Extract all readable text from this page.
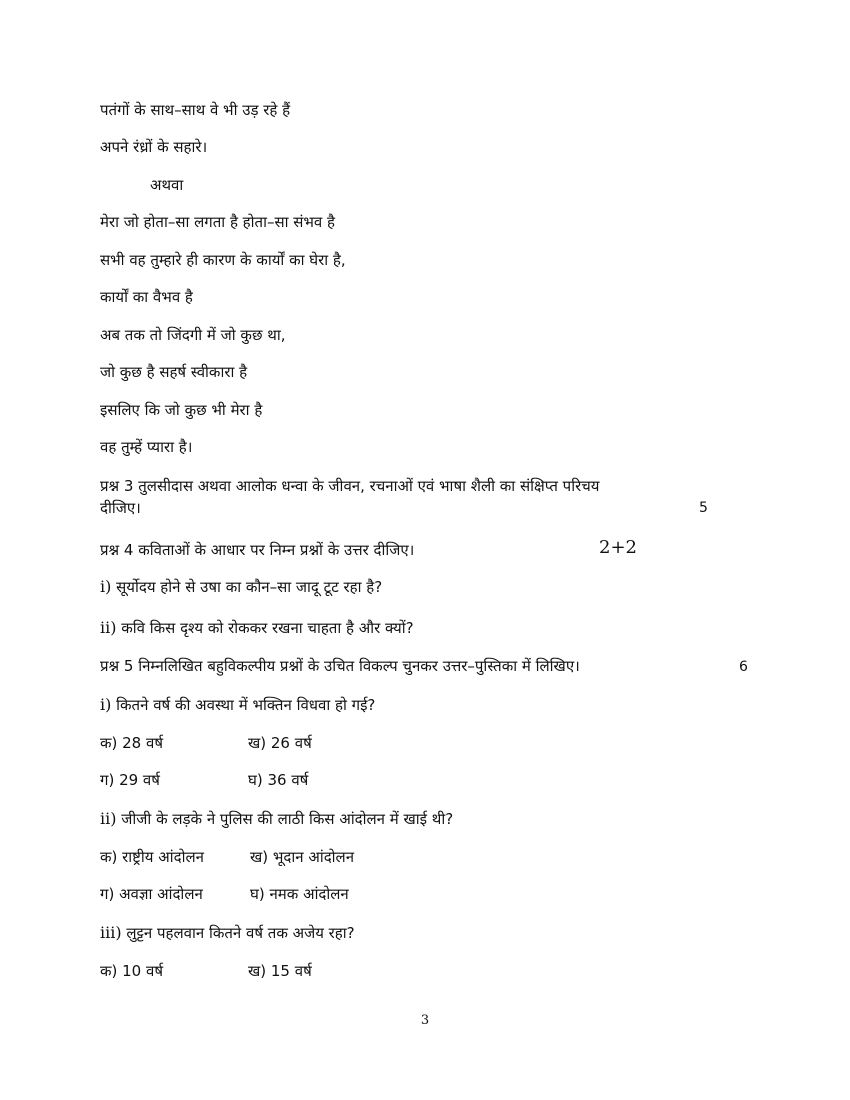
पतंगों के साथ–साथ वे भी उड़ रहे हैं
अपने रंध्रों के सहारे।
अथवा
मेरा जो होता–सा लगता है होता–सा संभव है
सभी वह तुम्हारे ही कारण के कार्यों का घेरा है,
कार्यों का वैभव है
अब तक तो जिंदगी में जो कुछ था,
जो कुछ है सहर्ष स्वीकारा है
इसलिए कि जो कुछ भी मेरा है
वह तुम्हें प्यारा है।
प्रश्न 3 तुलसीदास अथवा आलोक धन्वा के जीवन, रचनाओं एवं भाषा शैली का संक्षिप्त परिचय
दीजिए।	5
प्रश्न 4 कविताओं के आधार पर निम्न प्रश्नों के उत्तर दीजिए।	2+2
i) सूर्योदय होने से उषा का कौन–सा जादू टूट रहा है?
ii) कवि किस दृश्य को रोककर रखना चाहता है और क्यों?
प्रश्न 5 निम्नलिखित बहुविकल्पीय प्रश्नों के उचित विकल्प चुनकर उत्तर–पुस्तिका में लिखिए।	6
i) कितने वर्ष की अवस्था में भक्तिन विधवा हो गई?
क) 28 वर्ष	ख) 26 वर्ष
ग) 29 वर्ष	घ) 36 वर्ष
ii) जीजी के लड़के ने पुलिस की लाठी किस आंदोलन में खाई थी?
क) राष्ट्रीय आंदोलन	ख) भूदान आंदोलन
ग) अवज्ञा आंदोलन	घ) नमक आंदोलन
iii) लुट्टन पहलवान कितने वर्ष तक अजेय रहा?
क) 10 वर्ष	ख) 15 वर्ष
3
